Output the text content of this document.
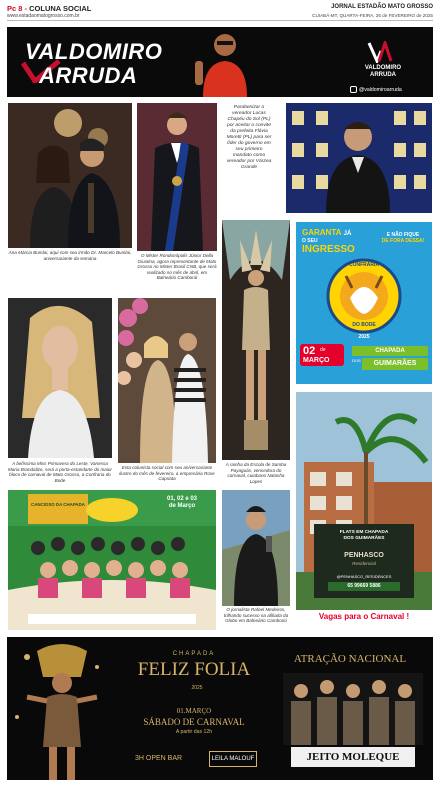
Pc 8 - COLUNA SOCIAL
www.estadaomatogrosso.com.br
JORNAL ESTADÃO MATO GROSSO
CUIABÁ-MT, QUARTA-FEIRA, 26 de FEVEREIRO de 2025
VALDOMIRO
ARRUDA	VALDOMIRO
ARRUDA
@valdomiroarruda
Ana Márcia Bumlai, aqui com seu irmão Dr. Marcelo Bumlai, aniversariante da semana
O Mister Rondonópolis Júnior Della Giustina, agora representante de Mato Grosso no Mister Brasil CNB, que será realizado no mês de abril, em Balneário Camboriú
Parabenizar o vereador Lucas Chapéu do Sol (PL) por aceitar o convite da prefeita Flávia Moretti (PL) para ser líder do governo em seu primeiro mandato como vereador por Várzea Grande
A rainha da Escola de Samba Payaguás, vencedora do carnaval, cuiabano Natasha Lopes
A belíssima Miss Primavera do Leste, Vanessa Maria Brandalize, será a porta-estandarte do maior bloco de carnaval de Mato Grosso, a Confraria do Bode
Esta colunista social com seu aniversariante ilustre do mês de fevereiro, a empresária Rose Capriata
GARANTA JÁ
O SEU
INGRESSO
E NÃO FIQUE
DE FORA DESSA!
CONFRARIA
DO BODE
2025
02 de
MARÇO
CHAPADA
DOS	GUIMARÃES
01, 02 e 03
de Março
CANCIOSO DA CHAPADA
O jornalista Rafael Medeiros, trilhando sucesso na afiliada da Globo em Balneário Camboriú
FLATS EM CHAPADA
DOS GUIMARÃES
PENHASCO
Residencial
@PENHASCO_RESIDENCES
65 99669 5886
Vagas para o Carnaval !
CHAPADA
FELIZ FOLIA
2025
01.MARÇO
SÁBADO DE CARNAVAL
A partir das 12h
3H OPEN BAR	LEILA MALOUF
ATRAÇÃO NACIONAL
JEITO MOLEQUE
